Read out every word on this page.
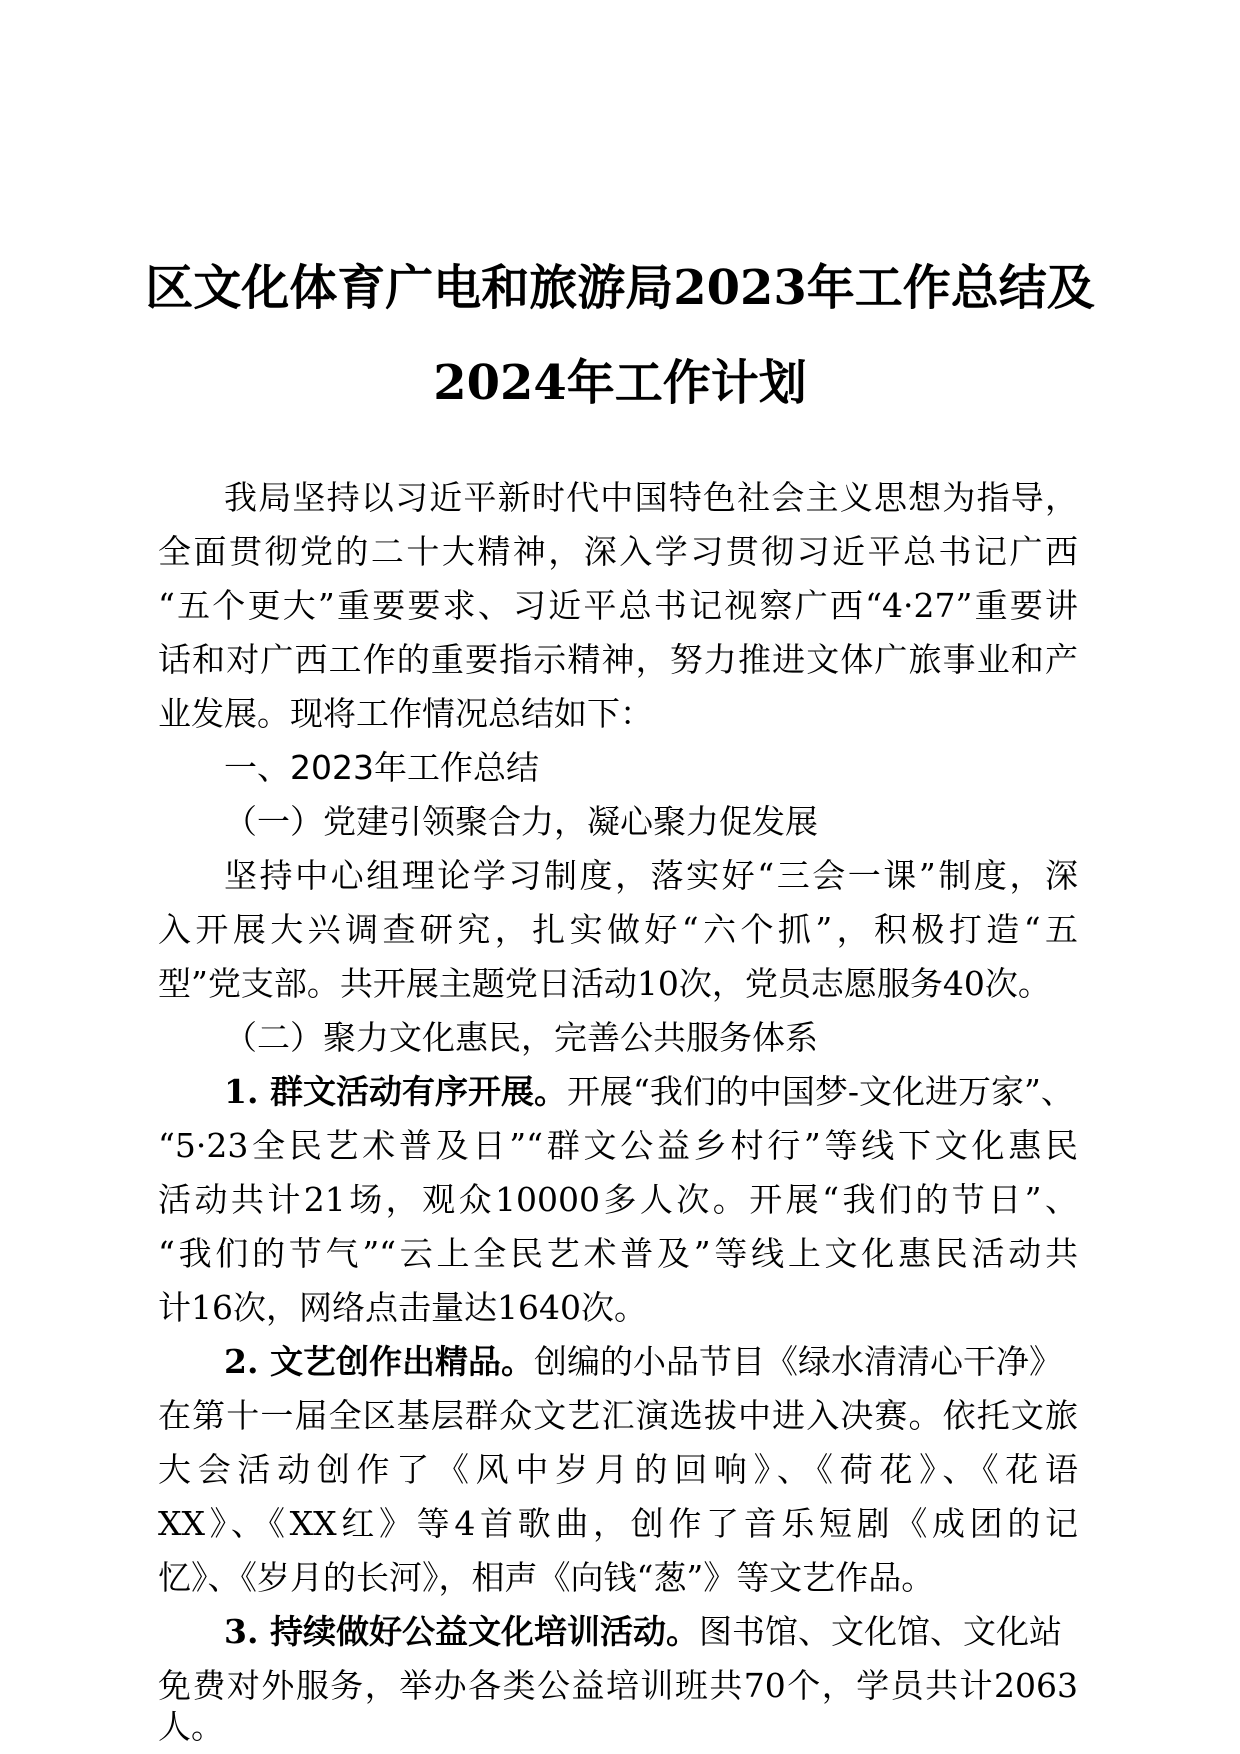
区文化体育广电和旅游局2023年工作总结及
2024年工作计划
我局坚持以习近平新时代中国特色社会主义思想为指导，
全面贯彻党的二十大精神，深入学习贯彻习近平总书记广西
“五个更大”重要要求、习近平总书记视察广西“4·27”重要讲
话和对广西工作的重要指示精神，努力推进文体广旅事业和产
业发展。现将工作情况总结如下：
一、2023年工作总结
（一）党建引领聚合力，凝心聚力促发展
坚持中心组理论学习制度，落实好“三会一课”制度，深
入开展大兴调查研究，扎实做好“六个抓”，积极打造“五
型”党支部。共开展主题党日活动10次，党员志愿服务40次。
（二）聚力文化惠民，完善公共服务体系
1. 群文活动有序开展。开展“我们的中国梦-文化进万家”、
“5·23全民艺术普及日”“群文公益乡村行”等线下文化惠民
活动共计21场，观众10000多人次。开展“我们的节日”、
“我们的节气”“云上全民艺术普及”等线上文化惠民活动共
计16次，网络点击量达1640次。
2. 文艺创作出精品。创编的小品节目《绿水清清心干净》
在第十一届全区基层群众文艺汇演选拔中进入决赛。依托文旅
大会活动创作了《风中岁月的回响》、《荷花》、《花语
XX》、《XX红》等4首歌曲，创作了音乐短剧《成团的记
忆》、《岁月的长河》，相声《向钱“葱”》等文艺作品。
3. 持续做好公益文化培训活动。图书馆、文化馆、文化站
免费对外服务，举办各类公益培训班共70个，学员共计2063
人。
